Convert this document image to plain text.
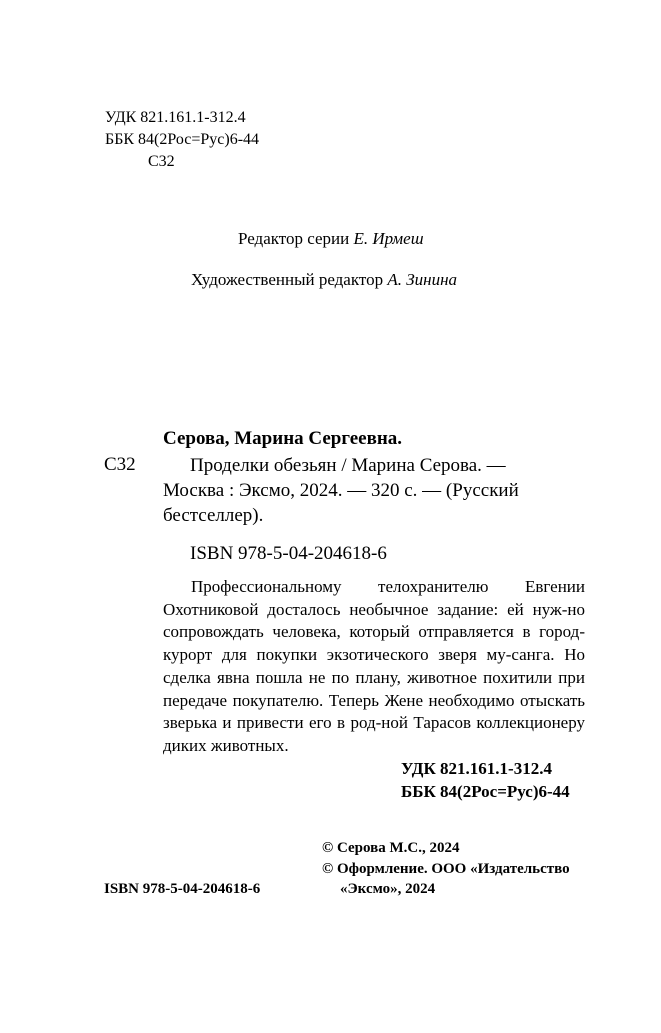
УДК 821.161.1-312.4
ББК 84(2Рос=Рус)6-44
С32
Редактор серии Е. Ирмеш
Художественный редактор А. Зинина
Серова, Марина Сергеевна.
С32	Проделки обезьян / Марина Серова. —
Москва : Эксмо, 2024. — 320 с. — (Русский
бестселлер).
ISBN 978-5-04-204618-6
Профессиональному телохранителю Евгении Охотниковой досталось необычное задание: ей нуж-но сопровождать человека, который отправляется в город-курорт для покупки экзотического зверя му-санга. Но сделка явна пошла не по плану, животное похитили при передаче покупателю. Теперь Жене необходимо отыскать зверька и привести его в род-ной Тарасов коллекционеру диких животных.
УДК 821.161.1-312.4
ББК 84(2Рос=Рус)6-44
© Серова М.С., 2024
© Оформление. ООО «Издательство
«Эксмо», 2024
ISBN 978-5-04-204618-6
